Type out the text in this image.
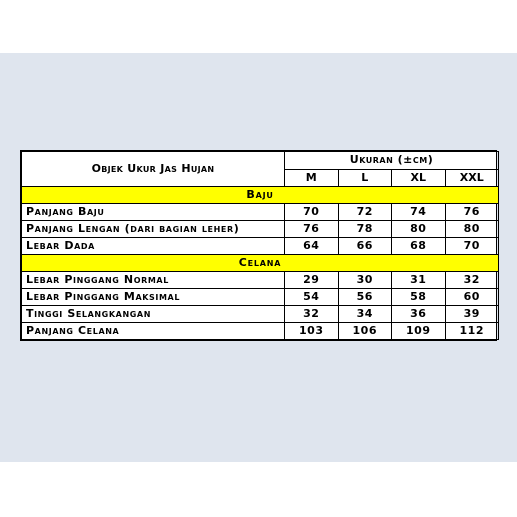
Objek Ukur Jas Hujan	Ukuran (±cm)			
	M	L	XL	XXL
Baju				
Panjang Baju	70	72	74	76
Panjang Lengan (dari bagian leher)	76	78	80	80
Lebar Dada	64	66	68	70
Celana				
Lebar Pinggang Normal	29	30	31	32
Lebar Pinggang Maksimal	54	56	58	60
Tinggi Selangkangan	32	34	36	39
Panjang Celana	103	106	109	112
